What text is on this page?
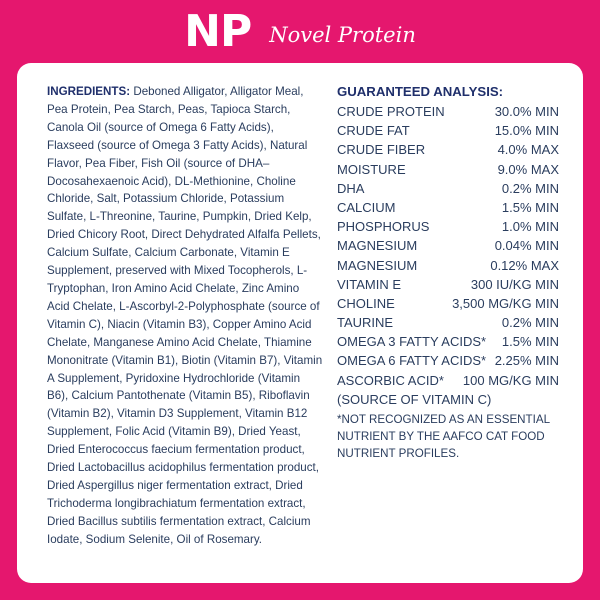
NP Novel Protein
INGREDIENTS: Deboned Alligator, Alligator Meal, Pea Protein, Pea Starch, Peas, Tapioca Starch, Canola Oil (source of Omega 6 Fatty Acids), Flaxseed (source of Omega 3 Fatty Acids), Natural Flavor, Pea Fiber, Fish Oil (source of DHA–Docosahexaenoic Acid), DL-Methionine, Choline Chloride, Salt, Potassium Chloride, Potassium Sulfate, L-Threonine, Taurine, Pumpkin, Dried Kelp, Dried Chicory Root, Direct Dehydrated Alfalfa Pellets, Calcium Sulfate, Calcium Carbonate, Vitamin E Supplement, preserved with Mixed Tocopherols, L-Tryptophan, Iron Amino Acid Chelate, Zinc Amino Acid Chelate, L-Ascorbyl-2-Polyphosphate (source of Vitamin C), Niacin (Vitamin B3), Copper Amino Acid Chelate, Manganese Amino Acid Chelate, Thiamine Mononitrate (Vitamin B1), Biotin (Vitamin B7), Vitamin A Supplement, Pyridoxine Hydrochloride (Vitamin B6), Calcium Pantothenate (Vitamin B5), Riboflavin (Vitamin B2), Vitamin D3 Supplement, Vitamin B12 Supplement, Folic Acid (Vitamin B9), Dried Yeast, Dried Enterococcus faecium fermentation product, Dried Lactobacillus acidophilus fermentation product, Dried Aspergillus niger fermentation extract, Dried Trichoderma longibrachiatum fermentation extract, Dried Bacillus subtilis fermentation extract, Calcium Iodate, Sodium Selenite, Oil of Rosemary.
GUARANTEED ANALYSIS:
CRUDE PROTEIN	30.0% MIN
CRUDE FAT	15.0% MIN
CRUDE FIBER	4.0% MAX
MOISTURE	9.0% MAX
DHA	0.2% MIN
CALCIUM	1.5% MIN
PHOSPHORUS	1.0% MIN
MAGNESIUM	0.04% MIN
MAGNESIUM	0.12% MAX
VITAMIN E	300 IU/KG MIN
CHOLINE	3,500 MG/KG MIN
TAURINE	0.2% MIN
OMEGA 3 FATTY ACIDS* 1.5% MIN
OMEGA 6 FATTY ACIDS* 2.25% MIN
ASCORBIC ACID* 100 MG/KG MIN
(SOURCE OF VITAMIN C)
*NOT RECOGNIZED AS AN ESSENTIAL NUTRIENT BY THE AAFCO CAT FOOD NUTRIENT PROFILES.
